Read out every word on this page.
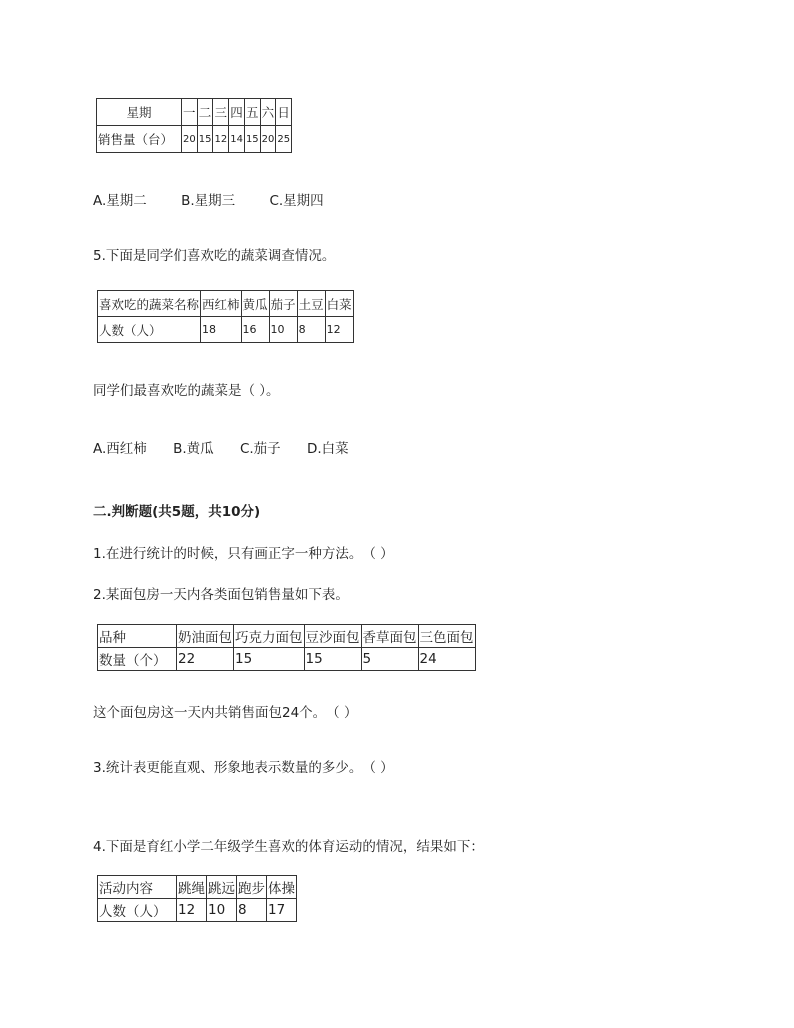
星期	一	二	三	四	五	六	日
销售量（台）	20	15	12	14	15	20	25
A.星期二	B.星期三	C.星期四
5.下面是同学们喜欢吃的蔬菜调查情况。
喜欢吃的蔬菜名称	西红柿	黄瓜	茄子	土豆	白菜
人数（人）	18	16	10	8	12
同学们最喜欢吃的蔬菜是（ ）。
A.西红柿 B.黄瓜 C.茄子 D.白菜
二.判断题(共5题，共10分)
1.在进行统计的时候，只有画正字一种方法。　（ ）
2.某面包房一天内各类面包销售量如下表。
品种	奶油面包	巧克力面包	豆沙面包	香草面包	三色面包
数量（个）	22	15	15	5	24
这个面包房这一天内共销售面包24个。　（ ）
3.统计表更能直观、形象地表示数量的多少。　（ ）
4.下面是育红小学二年级学生喜欢的体育运动的情况，结果如下：
活动内容	跳绳	跳远	跑步	体操
人数（人）	12	10	8	17
